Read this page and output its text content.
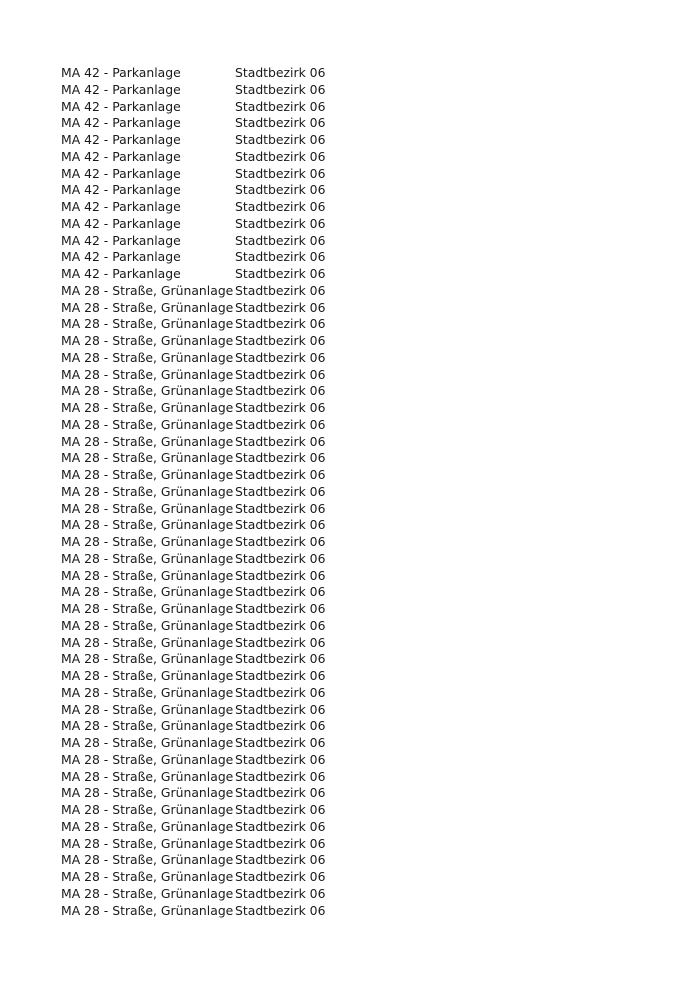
MA 42 - Parkanlage	Stadtbezirk 06
MA 42 - Parkanlage	Stadtbezirk 06
MA 42 - Parkanlage	Stadtbezirk 06
MA 42 - Parkanlage	Stadtbezirk 06
MA 42 - Parkanlage	Stadtbezirk 06
MA 42 - Parkanlage	Stadtbezirk 06
MA 42 - Parkanlage	Stadtbezirk 06
MA 42 - Parkanlage	Stadtbezirk 06
MA 42 - Parkanlage	Stadtbezirk 06
MA 42 - Parkanlage	Stadtbezirk 06
MA 42 - Parkanlage	Stadtbezirk 06
MA 42 - Parkanlage	Stadtbezirk 06
MA 42 - Parkanlage	Stadtbezirk 06
MA 28 - Straße, Grünanlage Stadtbezirk 06
MA 28 - Straße, Grünanlage Stadtbezirk 06
MA 28 - Straße, Grünanlage Stadtbezirk 06
MA 28 - Straße, Grünanlage Stadtbezirk 06
MA 28 - Straße, Grünanlage Stadtbezirk 06
MA 28 - Straße, Grünanlage Stadtbezirk 06
MA 28 - Straße, Grünanlage Stadtbezirk 06
MA 28 - Straße, Grünanlage Stadtbezirk 06
MA 28 - Straße, Grünanlage Stadtbezirk 06
MA 28 - Straße, Grünanlage Stadtbezirk 06
MA 28 - Straße, Grünanlage Stadtbezirk 06
MA 28 - Straße, Grünanlage Stadtbezirk 06
MA 28 - Straße, Grünanlage Stadtbezirk 06
MA 28 - Straße, Grünanlage Stadtbezirk 06
MA 28 - Straße, Grünanlage Stadtbezirk 06
MA 28 - Straße, Grünanlage Stadtbezirk 06
MA 28 - Straße, Grünanlage Stadtbezirk 06
MA 28 - Straße, Grünanlage Stadtbezirk 06
MA 28 - Straße, Grünanlage Stadtbezirk 06
MA 28 - Straße, Grünanlage Stadtbezirk 06
MA 28 - Straße, Grünanlage Stadtbezirk 06
MA 28 - Straße, Grünanlage Stadtbezirk 06
MA 28 - Straße, Grünanlage Stadtbezirk 06
MA 28 - Straße, Grünanlage Stadtbezirk 06
MA 28 - Straße, Grünanlage Stadtbezirk 06
MA 28 - Straße, Grünanlage Stadtbezirk 06
MA 28 - Straße, Grünanlage Stadtbezirk 06
MA 28 - Straße, Grünanlage Stadtbezirk 06
MA 28 - Straße, Grünanlage Stadtbezirk 06
MA 28 - Straße, Grünanlage Stadtbezirk 06
MA 28 - Straße, Grünanlage Stadtbezirk 06
MA 28 - Straße, Grünanlage Stadtbezirk 06
MA 28 - Straße, Grünanlage Stadtbezirk 06
MA 28 - Straße, Grünanlage Stadtbezirk 06
MA 28 - Straße, Grünanlage Stadtbezirk 06
MA 28 - Straße, Grünanlage Stadtbezirk 06
MA 28 - Straße, Grünanlage Stadtbezirk 06
MA 28 - Straße, Grünanlage Stadtbezirk 06
